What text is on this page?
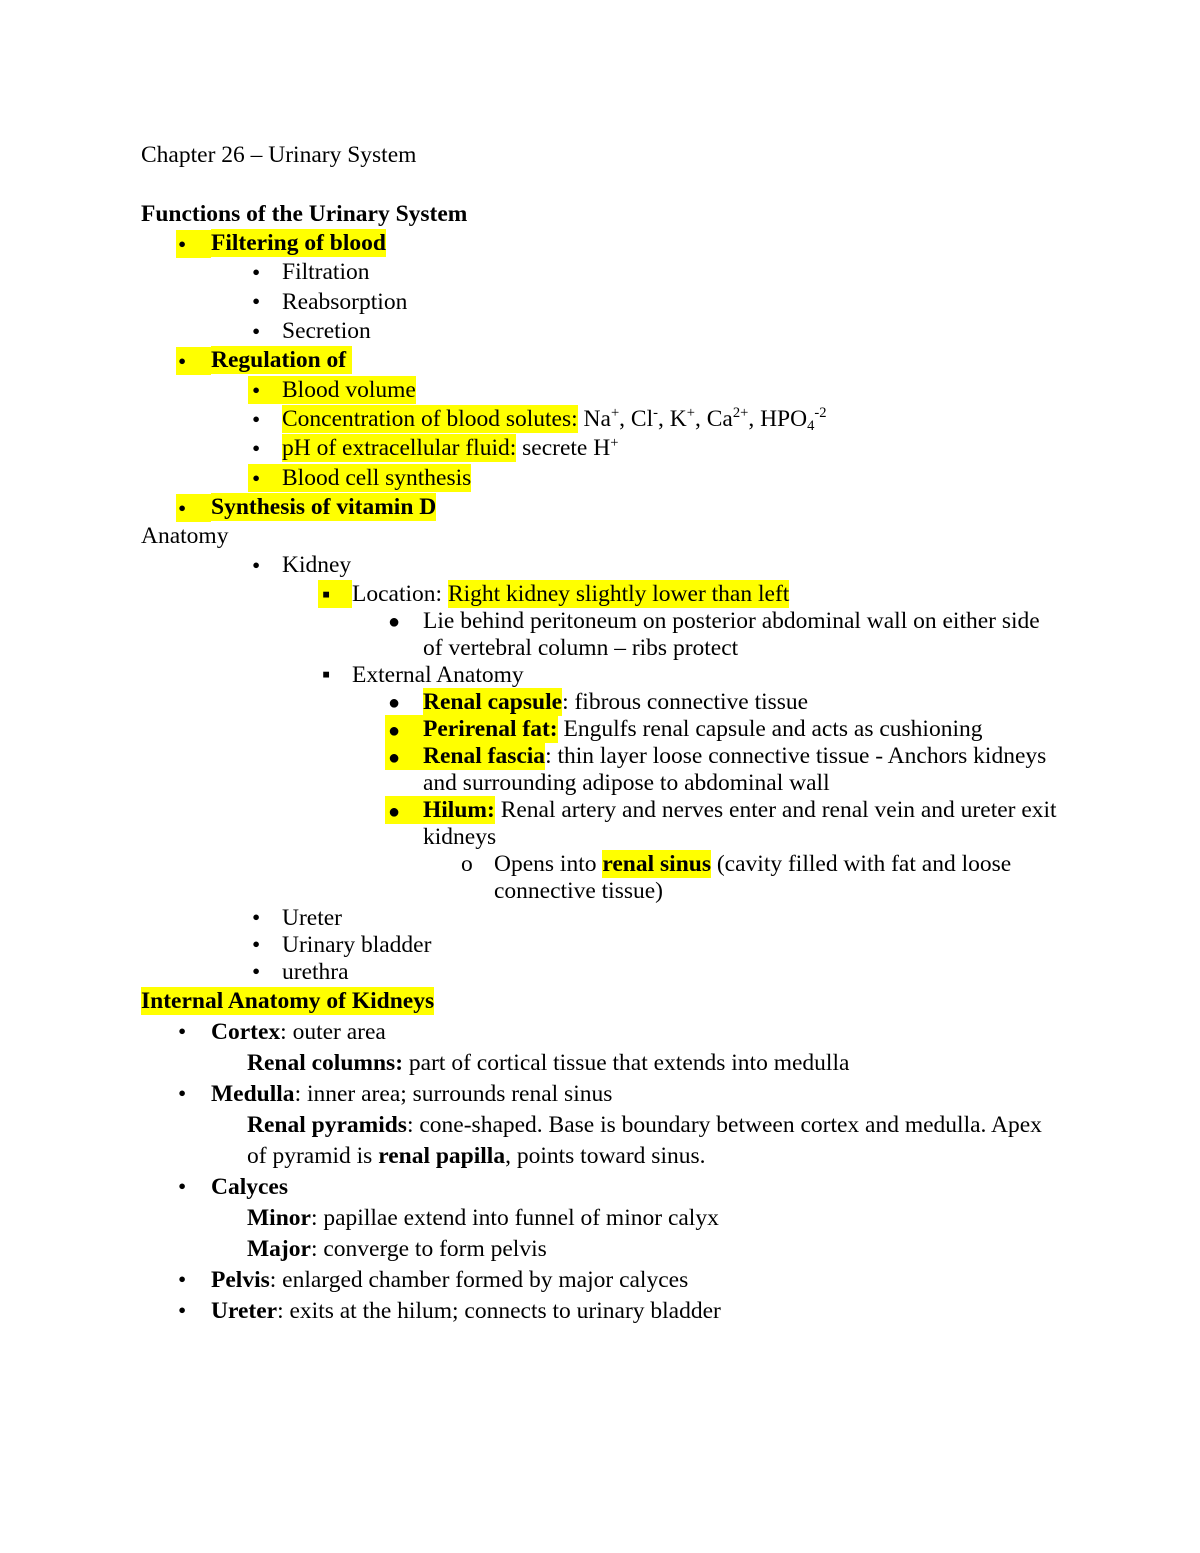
Chapter 26 – Urinary System
Functions of the Urinary System
•	Filtering of blood
• Filtration
• Reabsorption
• Secretion
•	Regulation of
• Blood volume
• Concentration of blood solutes: Na+, Cl-, K+, $Ca^{2+}$, $HPO_4^{-2}$
• pH of extracellular fluid: secrete H+
• Blood cell synthesis
•	Synthesis of vitamin D
Anatomy
• Kidney
▪ Location: Right kidney slightly lower than left
● Lie behind peritoneum on posterior abdominal wall on either side
of vertebral column – ribs protect
▪ External Anatomy
● Renal capsule: fibrous connective tissue
● Perirenal fat: Engulfs renal capsule and acts as cushioning
● Renal fascia: thin layer loose connective tissue - Anchors kidneys
and surrounding adipose to abdominal wall
● Hilum: Renal artery and nerves enter and renal vein and ureter exit
kidneys
o Opens into renal sinus (cavity filled with fat and loose
connective tissue)
• Ureter
• Urinary bladder
• urethra
Internal Anatomy of Kidneys
•	Cortex: outer area
Renal columns: part of cortical tissue that extends into medulla
•	Medulla: inner area; surrounds renal sinus
Renal pyramids: cone-shaped. Base is boundary between cortex and medulla. Apex
of pyramid is renal papilla, points toward sinus.
•	Calyces
Minor: papillae extend into funnel of minor calyx
Major: converge to form pelvis
•	Pelvis: enlarged chamber formed by major calyces
•	Ureter: exits at the hilum; connects to urinary bladder
